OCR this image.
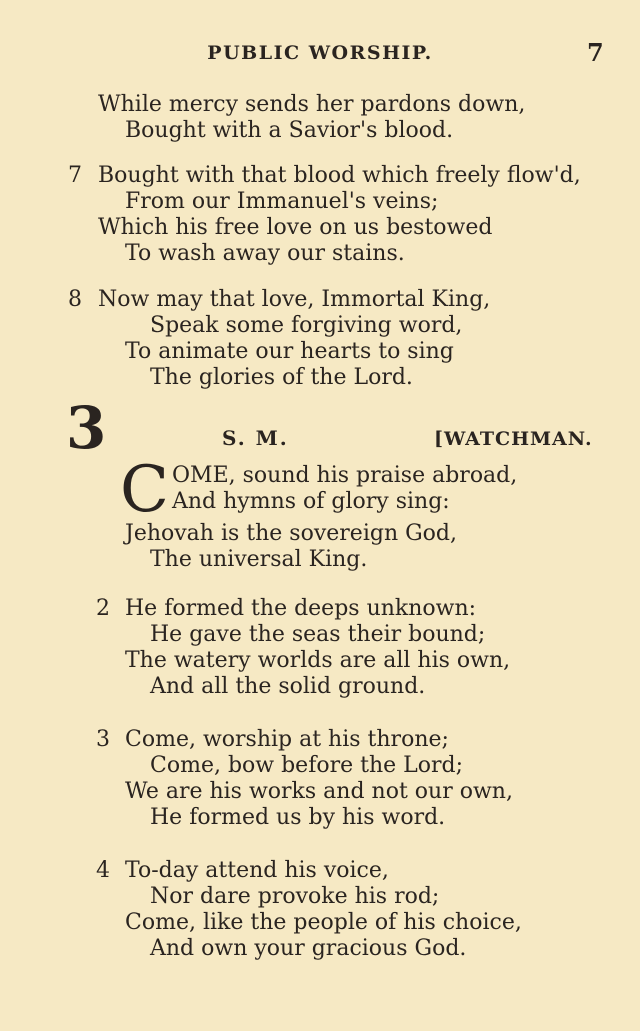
PUBLIC WORSHIP.	7
While mercy sends her pardons down,
Bought with a Savior's blood.
7 Bought with that blood which freely flow'd,
From our Immanuel's veins;
Which his free love on us bestowed
To wash away our stains.
8 Now may that love, Immortal King,
Speak some forgiving word,
To animate our hearts to sing
The glories of the Lord.
3	S. M.	[WATCHMAN.
C OME, sound his praise abroad,
And hymns of glory sing:
Jehovah is the sovereign God,
The universal King.
2 He formed the deeps unknown:
He gave the seas their bound;
The watery worlds are all his own,
And all the solid ground.
3 Come, worship at his throne;
Come, bow before the Lord;
We are his works and not our own,
He formed us by his word.
4 To-day attend his voice,
Nor dare provoke his rod;
Come, like the people of his choice,
And own your gracious God.
